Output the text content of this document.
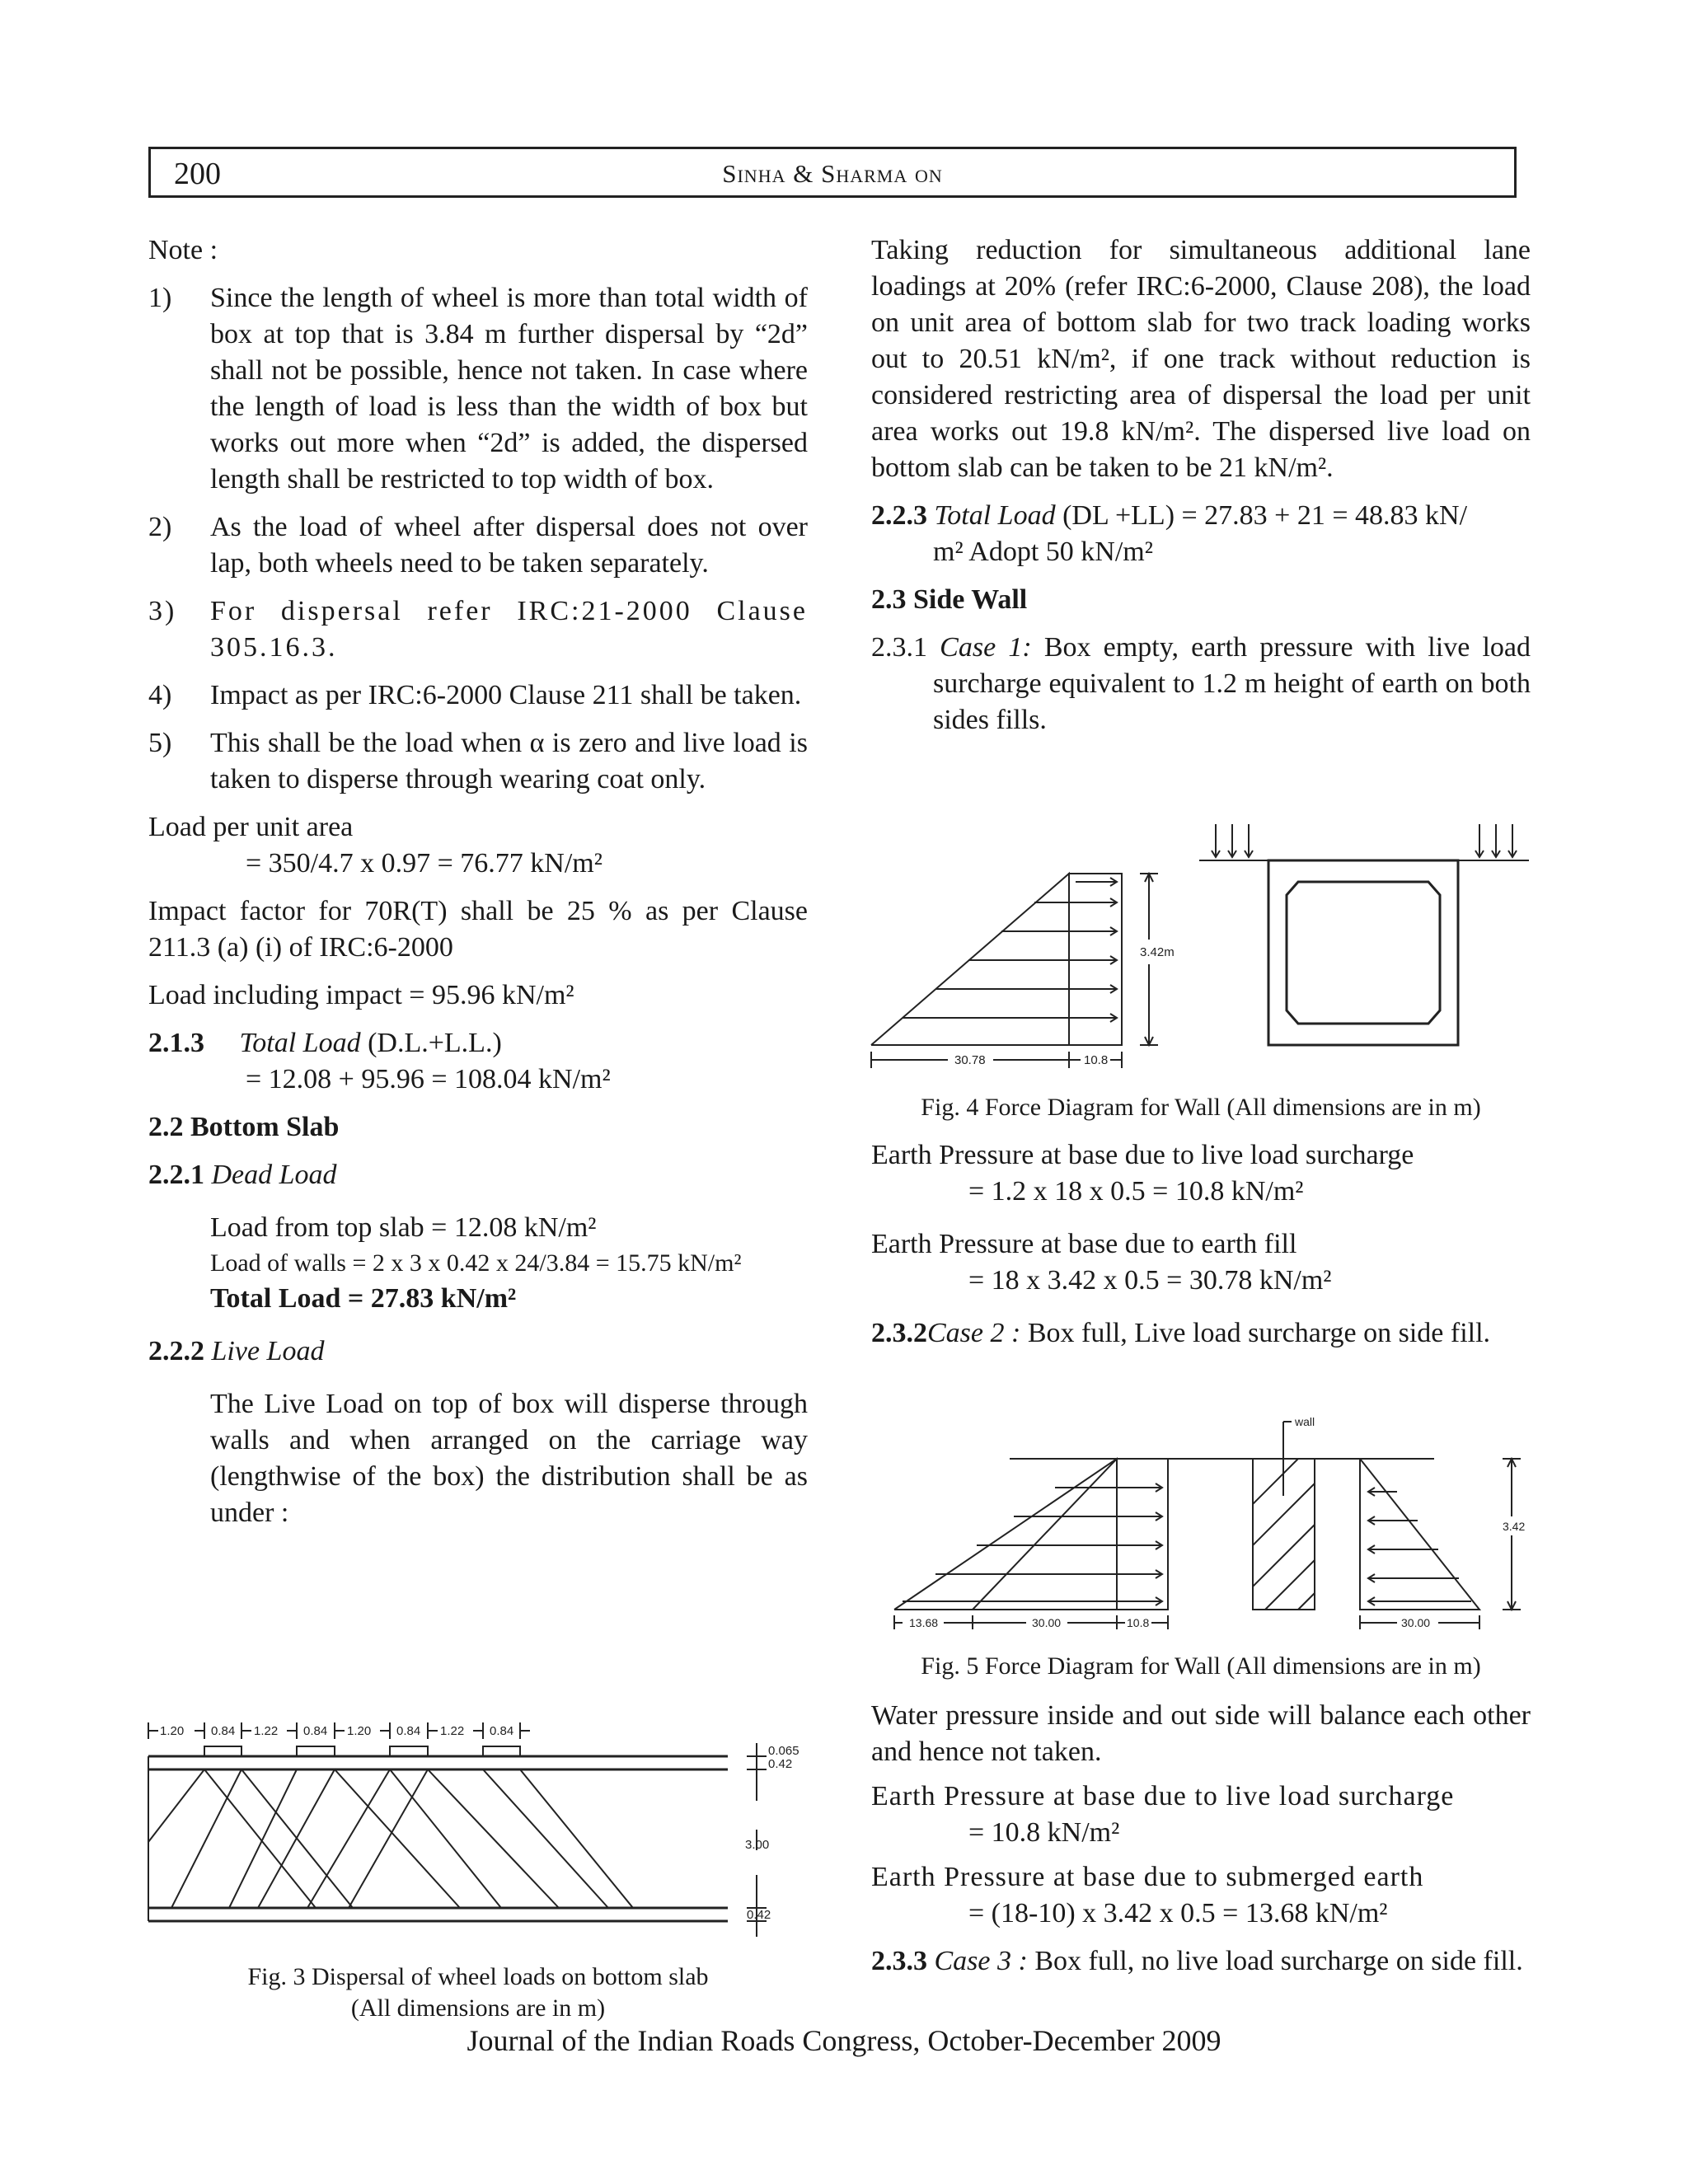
200	Sinha & Sharma on

Note :

1) Since the length of wheel is more than total width of box at top that is 3.84 m further dispersal by “2d” shall not be possible, hence not taken. In case where the length of load is less than the width of box but works out more when “2d” is added, the dispersed length shall be restricted to top width of box.
2) As the load of wheel after dispersal does not over lap, both wheels need to be taken separately.
3) For dispersal refer IRC:21-2000 Clause 305.16.3.
4) Impact as per IRC:6-2000 Clause 211 shall be taken.
5) This shall be the load when α is zero and live load is taken to disperse through wearing coat only.

Load per unit area

= 350/4.7 x 0.97 = 76.77 kN/m²

Impact factor for 70R(T) shall be 25 % as per Clause 211.3 (a) (i) of IRC:6-2000

Load including impact = 95.96 kN/m²

2.1.3 Total Load (D.L.+L.L.)

= 12.08 + 95.96 = 108.04 kN/m²

2.2 Bottom Slab

2.2.1 Dead Load

Load from top slab = 12.08 kN/m²

Load of walls = 2 x 3 x 0.42 x 24/3.84 = 15.75 kN/m²

Total Load = 27.83 kN/m²

2.2.2 Live Load

The Live Load on top of box will disperse through walls and when arranged on the carriage way (lengthwise of the box) the distribution shall be as under :

1.20 0.84 1.22 0.84 1.20 0.84 1.22 0.84
0.065
0.42
3.00
0.42
Fig. 3 Dispersal of wheel loads on bottom slab
(All dimensions are in m)

Taking reduction for simultaneous additional lane loadings at 20% (refer IRC:6-2000, Clause 208), the load on unit area of bottom slab for two track loading works out to 20.51 kN/m², if one track without reduction is considered restricting area of dispersal the load per unit area works out 19.8 kN/m². The dispersed live load on bottom slab can be taken to be 21 kN/m².

2.2.3 Total Load (DL +LL) = 27.83 + 21 = 48.83 kN/

m² Adopt 50 kN/m²

2.3 Side Wall

2.3.1 Case 1: Box empty, earth pressure with live load surcharge equivalent to 1.2 m height of earth on both sides fills.

3.42m
30.78	10.8
Fig. 4 Force Diagram for Wall (All dimensions are in m)

Earth Pressure at base due to live load surcharge

= 1.2 x 18 x 0.5 = 10.8 kN/m²

Earth Pressure at base due to earth fill

= 18 x 3.42 x 0.5 = 30.78 kN/m²

2.3.2Case 2 : Box full, Live load surcharge on side fill.

wall
3.42
13.68	30.00	10.8	30.00
Fig. 5 Force Diagram for Wall (All dimensions are in m)

Water pressure inside and out side will balance each other and hence not taken.

Earth Pressure at base due to live load surcharge

= 10.8 kN/m²

Earth Pressure at base due to submerged earth

= (18-10) x 3.42 x 0.5 = 13.68 kN/m²

2.3.3 Case 3 : Box full, no live load surcharge on side fill.

Journal of the Indian Roads Congress, October-December 2009
